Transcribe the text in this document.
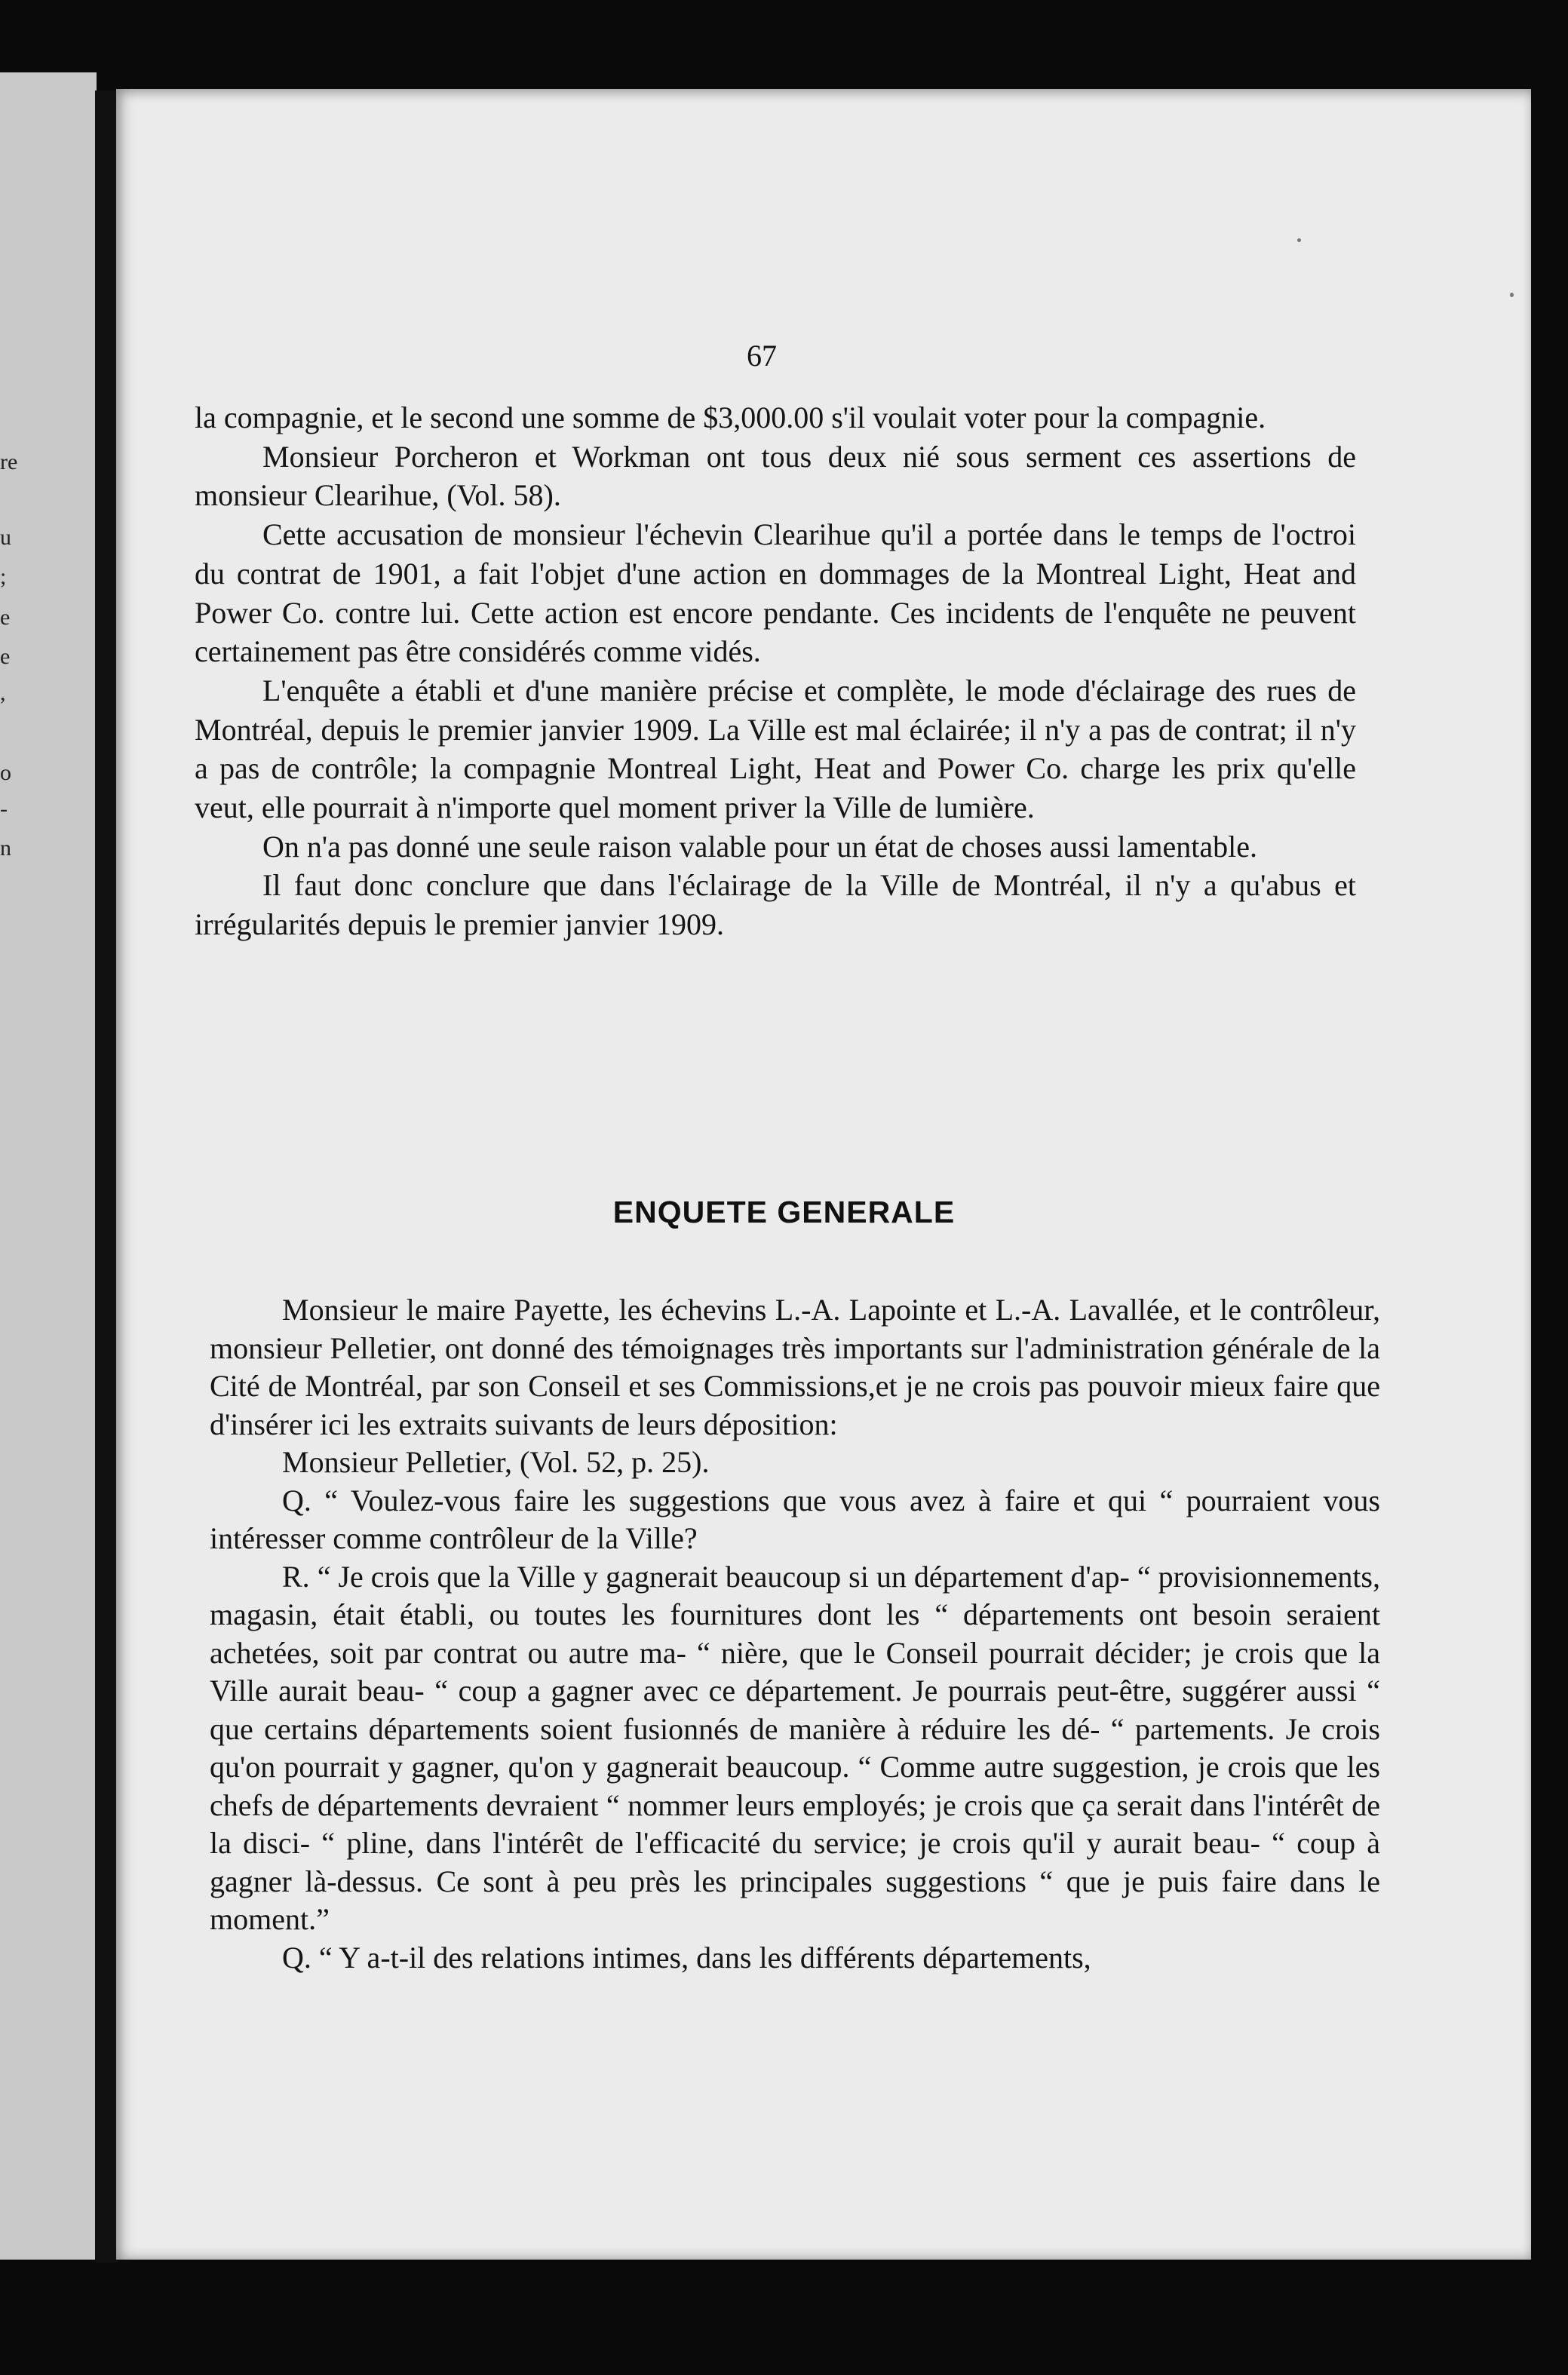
re
u
;
e
e
,
o
-
n
67

la compagnie, et le second une somme de $3,000.00 s'il voulait voter pour la compagnie.

Monsieur Porcheron et Workman ont tous deux nié sous serment ces assertions de monsieur Clearihue, (Vol. 58).

Cette accusation de monsieur l'échevin Clearihue qu'il a portée dans le temps de l'octroi du contrat de 1901, a fait l'objet d'une action en dommages de la Montreal Light, Heat and Power Co. contre lui. Cette action est encore pendante. Ces incidents de l'enquête ne peuvent certainement pas être considérés comme vidés.

L'enquête a établi et d'une manière précise et complète, le mode d'éclairage des rues de Montréal, depuis le premier janvier 1909. La Ville est mal éclairée; il n'y a pas de contrat; il n'y a pas de contrôle; la compagnie Montreal Light, Heat and Power Co. charge les prix qu'elle veut, elle pourrait à n'importe quel moment priver la Ville de lumière.

On n'a pas donné une seule raison valable pour un état de choses aussi lamentable.

Il faut donc conclure que dans l'éclairage de la Ville de Montréal, il n'y a qu'abus et irrégularités depuis le premier janvier 1909.

ENQUETE GENERALE

Monsieur le maire Payette, les échevins L.-A. Lapointe et L.-A. Lavallée, et le contrôleur, monsieur Pelletier, ont donné des témoignages très importants sur l'administration générale de la Cité de Montréal, par son Conseil et ses Commissions,et je ne crois pas pouvoir mieux faire que d'insérer ici les extraits suivants de leurs déposition:

Monsieur Pelletier, (Vol. 52, p. 25).

Q. “ Voulez-vous faire les suggestions que vous avez à faire et qui “ pourraient vous intéresser comme contrôleur de la Ville?

R. “ Je crois que la Ville y gagnerait beaucoup si un département d'ap- “ provisionnements, magasin, était établi, ou toutes les fournitures dont les “ départements ont besoin seraient achetées, soit par contrat ou autre ma- “ nière, que le Conseil pourrait décider; je crois que la Ville aurait beau- “ coup a gagner avec ce département. Je pourrais peut-être, suggérer aussi “ que certains départements soient fusionnés de manière à réduire les dé- “ partements. Je crois qu'on pourrait y gagner, qu'on y gagnerait beaucoup. “ Comme autre suggestion, je crois que les chefs de départements devraient “ nommer leurs employés; je crois que ça serait dans l'intérêt de la disci- “ pline, dans l'intérêt de l'efficacité du service; je crois qu'il y aurait beau- “ coup à gagner là-dessus. Ce sont à peu près les principales suggestions “ que je puis faire dans le moment.”

Q. “ Y a-t-il des relations intimes, dans les différents départements,
